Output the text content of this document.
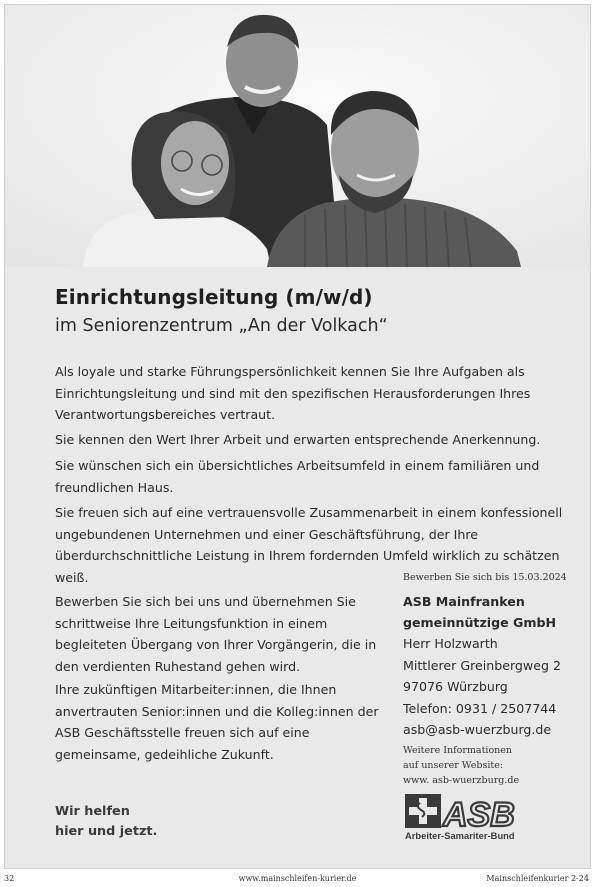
Einrichtungsleitung (m/w/d)
im Seniorenzentrum „An der Volkach“

Als loyale und starke Führungspersönlichkeit kennen Sie Ihre Aufgaben als Einrichtungsleitung und sind mit den spezifischen Herausforderungen Ihres Verantwortungsbereiches vertraut.

Sie kennen den Wert Ihrer Arbeit und erwarten entsprechende Anerkennung.

Sie wünschen sich ein übersichtliches Arbeitsumfeld in einem familiären und freundlichen Haus.

Sie freuen sich auf eine vertrauensvolle Zusammenarbeit in einem konfessionell ungebundenen Unternehmen und einer Geschäftsführung, der Ihre überdurchschnittliche Leistung in Ihrem fordernden Umfeld wirklich zu schätzen weiß.

Bewerben Sie sich bei uns und übernehmen Sie schrittweise Ihre Leitungsfunktion in einem begleiteten Übergang von Ihrer Vorgängerin, die in den verdienten Ruhestand gehen wird.

Ihre zukünftigen Mitarbeiter:innen, die Ihnen anvertrauten Senior:innen und die Kolleg:innen der ASB Geschäftsstelle freuen sich auf eine gemeinsame, gedeihliche Zukunft.

Wir helfen
hier und jetzt.

Bewerben Sie sich bis 15.03.2024

ASB Mainfranken

gemeinnützige GmbH

Herr Holzwarth

Mittlerer Greinbergweg 2

97076 Würzburg

Telefon: 0931 / 2507744

asb@asb-wuerzburg.de

Weitere Informationen

auf unserer Website:

www. asb-wuerzburg.de

ASB
Arbeiter-Samariter-Bund
32	www.mainschleifen-kurier.de	Mainschleifenkurier 2-24
